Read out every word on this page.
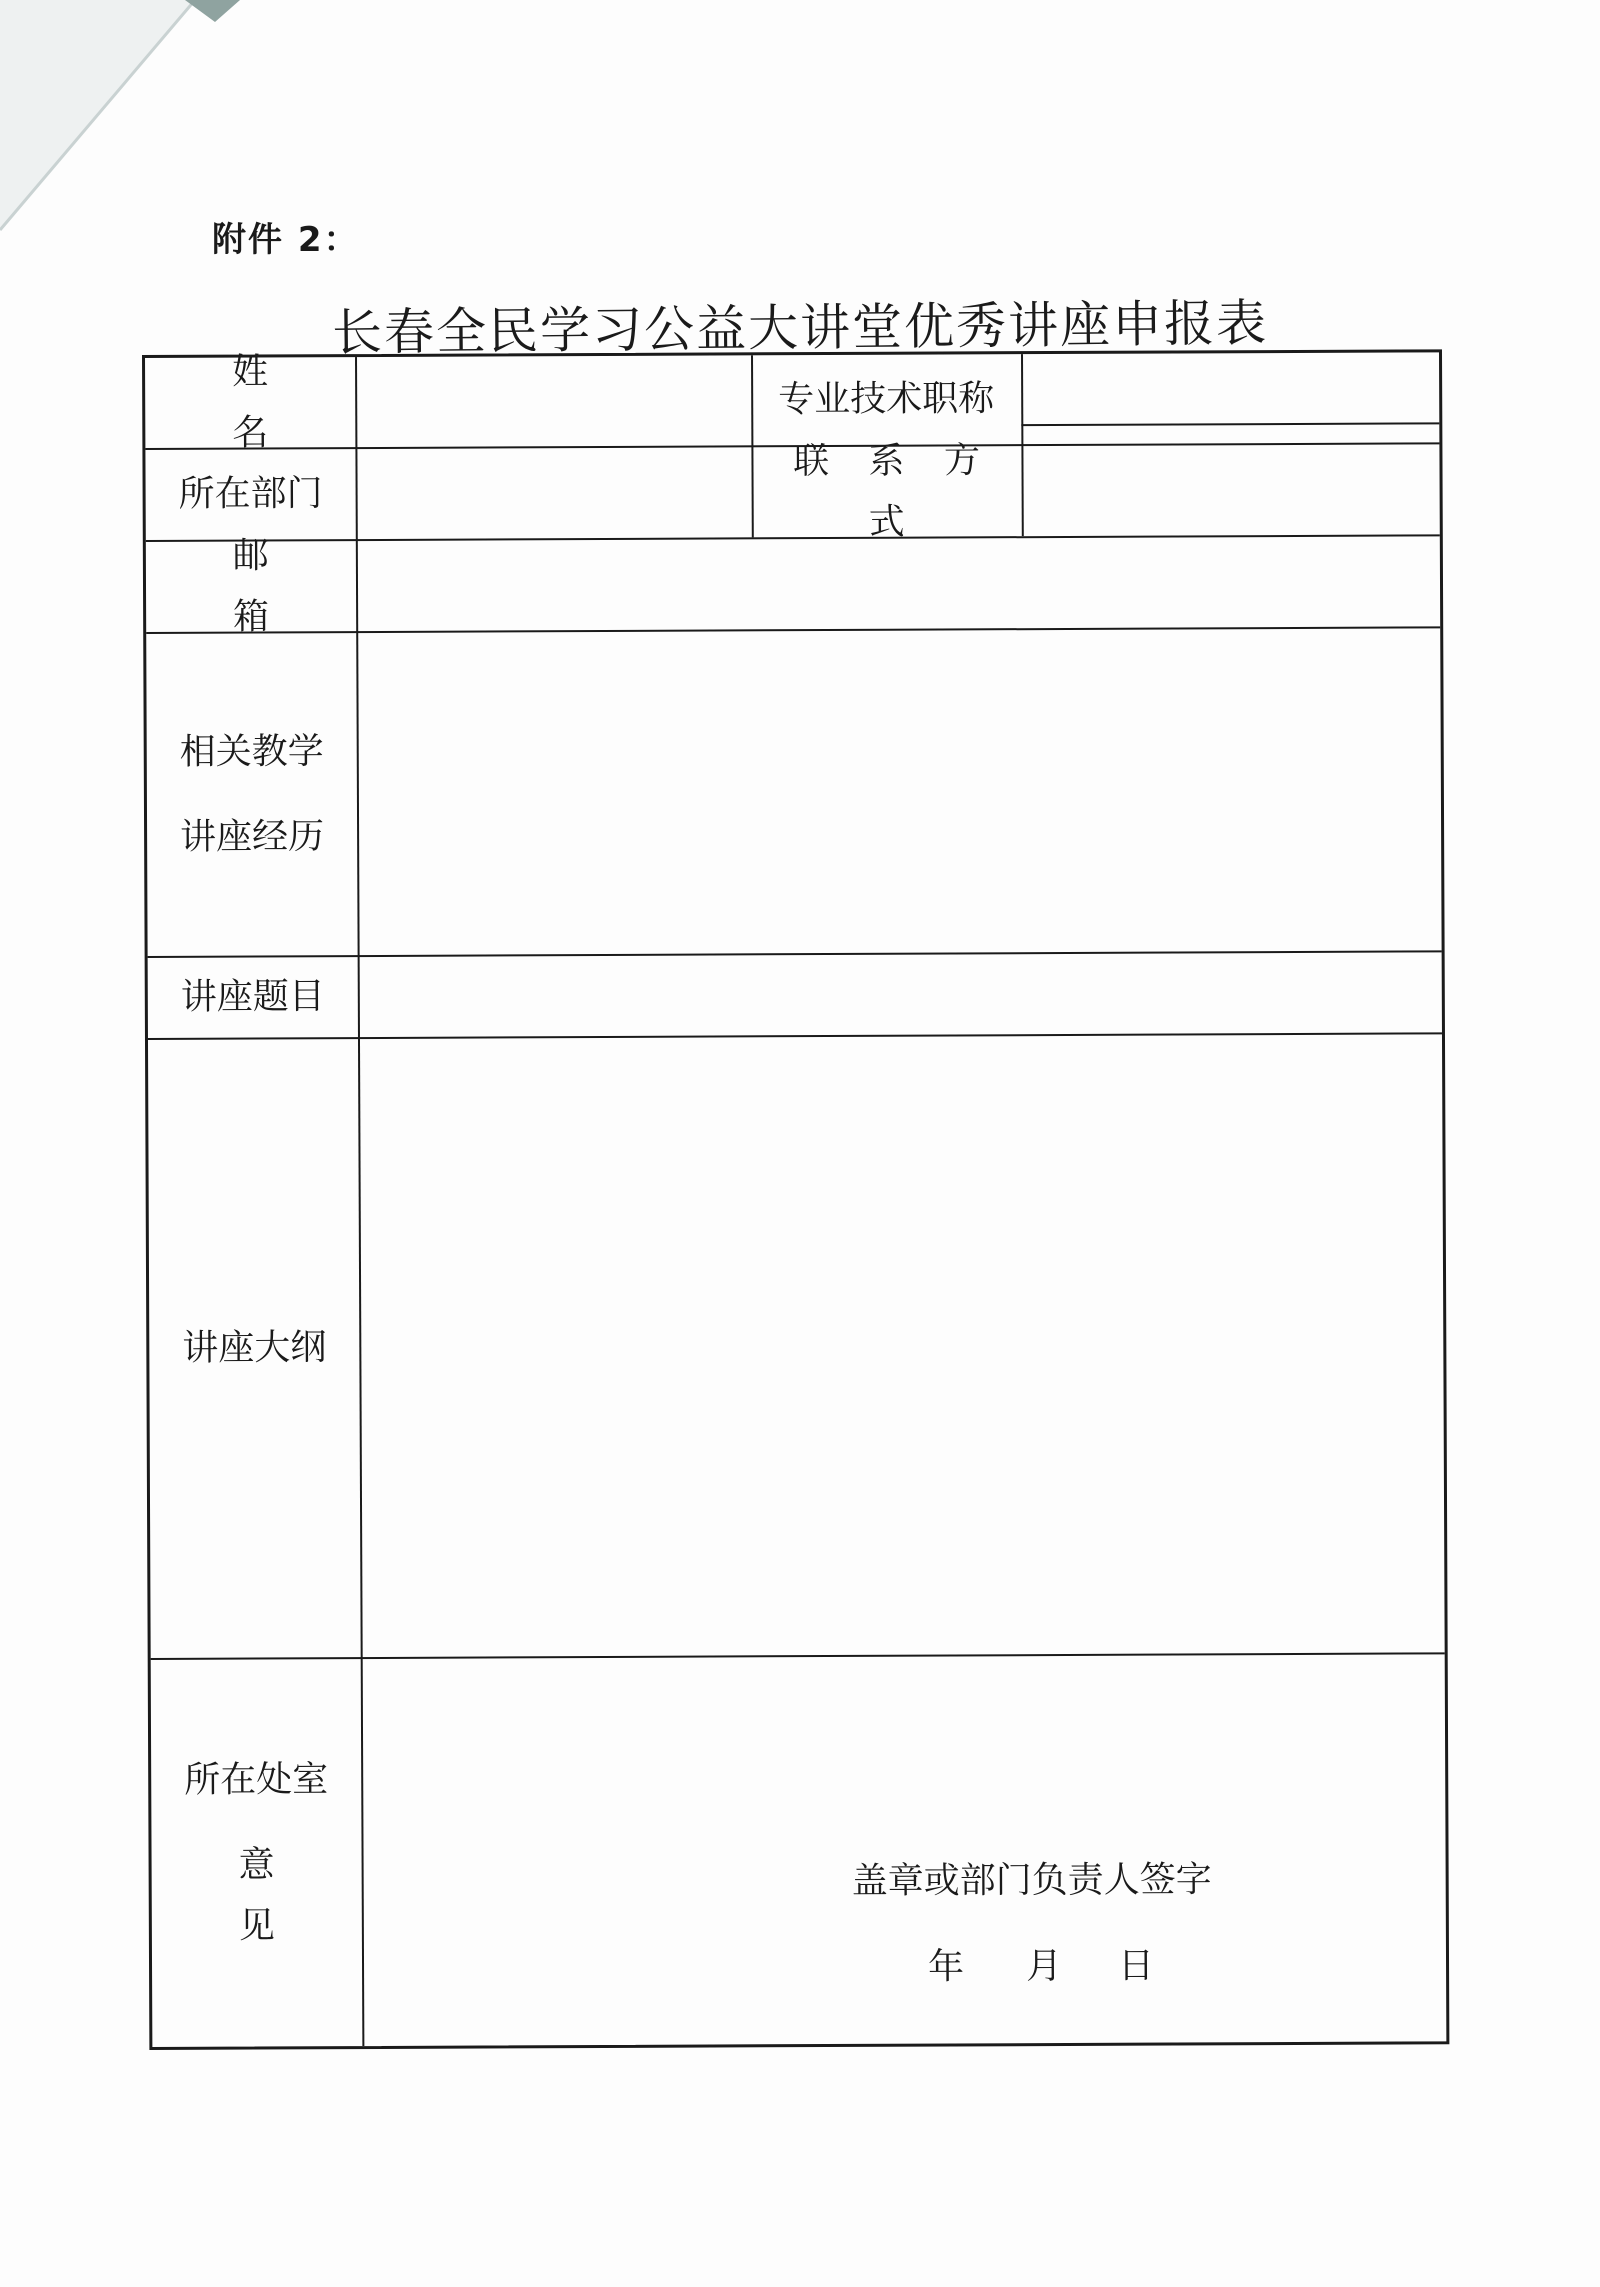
附件 2：
长春全民学习公益大讲堂优秀讲座申报表
姓 名
专业技术职称
所在部门
联 系 方 式
邮 箱
相关教学
讲座经历
讲座题目
讲座大纲
所在处室
意 见
盖章或部门负责人签字
年 月 日
